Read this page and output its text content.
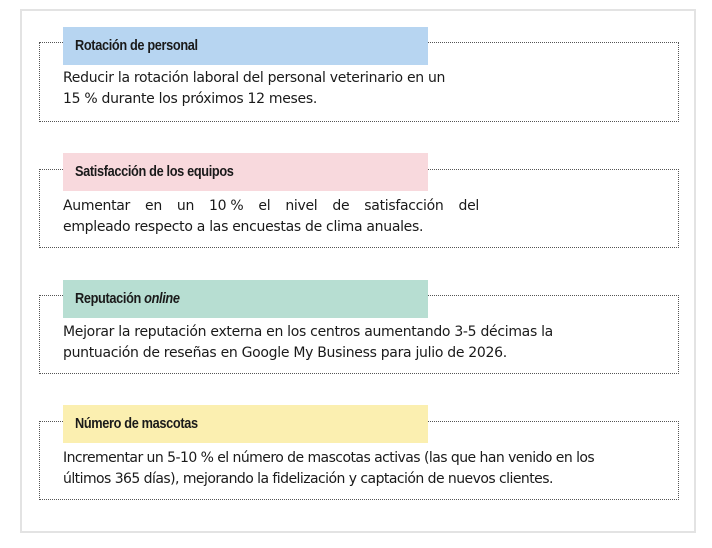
Rotación de personal
Reducir la rotación laboral del personal veterinario en un
15 % durante los próximos 12 meses.
Satisfacción de los equipos
Aumentar en un 10 % el nivel de satisfacción del
empleado respecto a las encuestas de clima anuales.
Reputación online
Mejorar la reputación externa en los centros aumentando 3-5 décimas la
puntuación de reseñas en Google My Business para julio de 2026.
Número de mascotas
Incrementar un 5-10 % el número de mascotas activas (las que han venido en los
últimos 365 días), mejorando la fidelización y captación de nuevos clientes.
